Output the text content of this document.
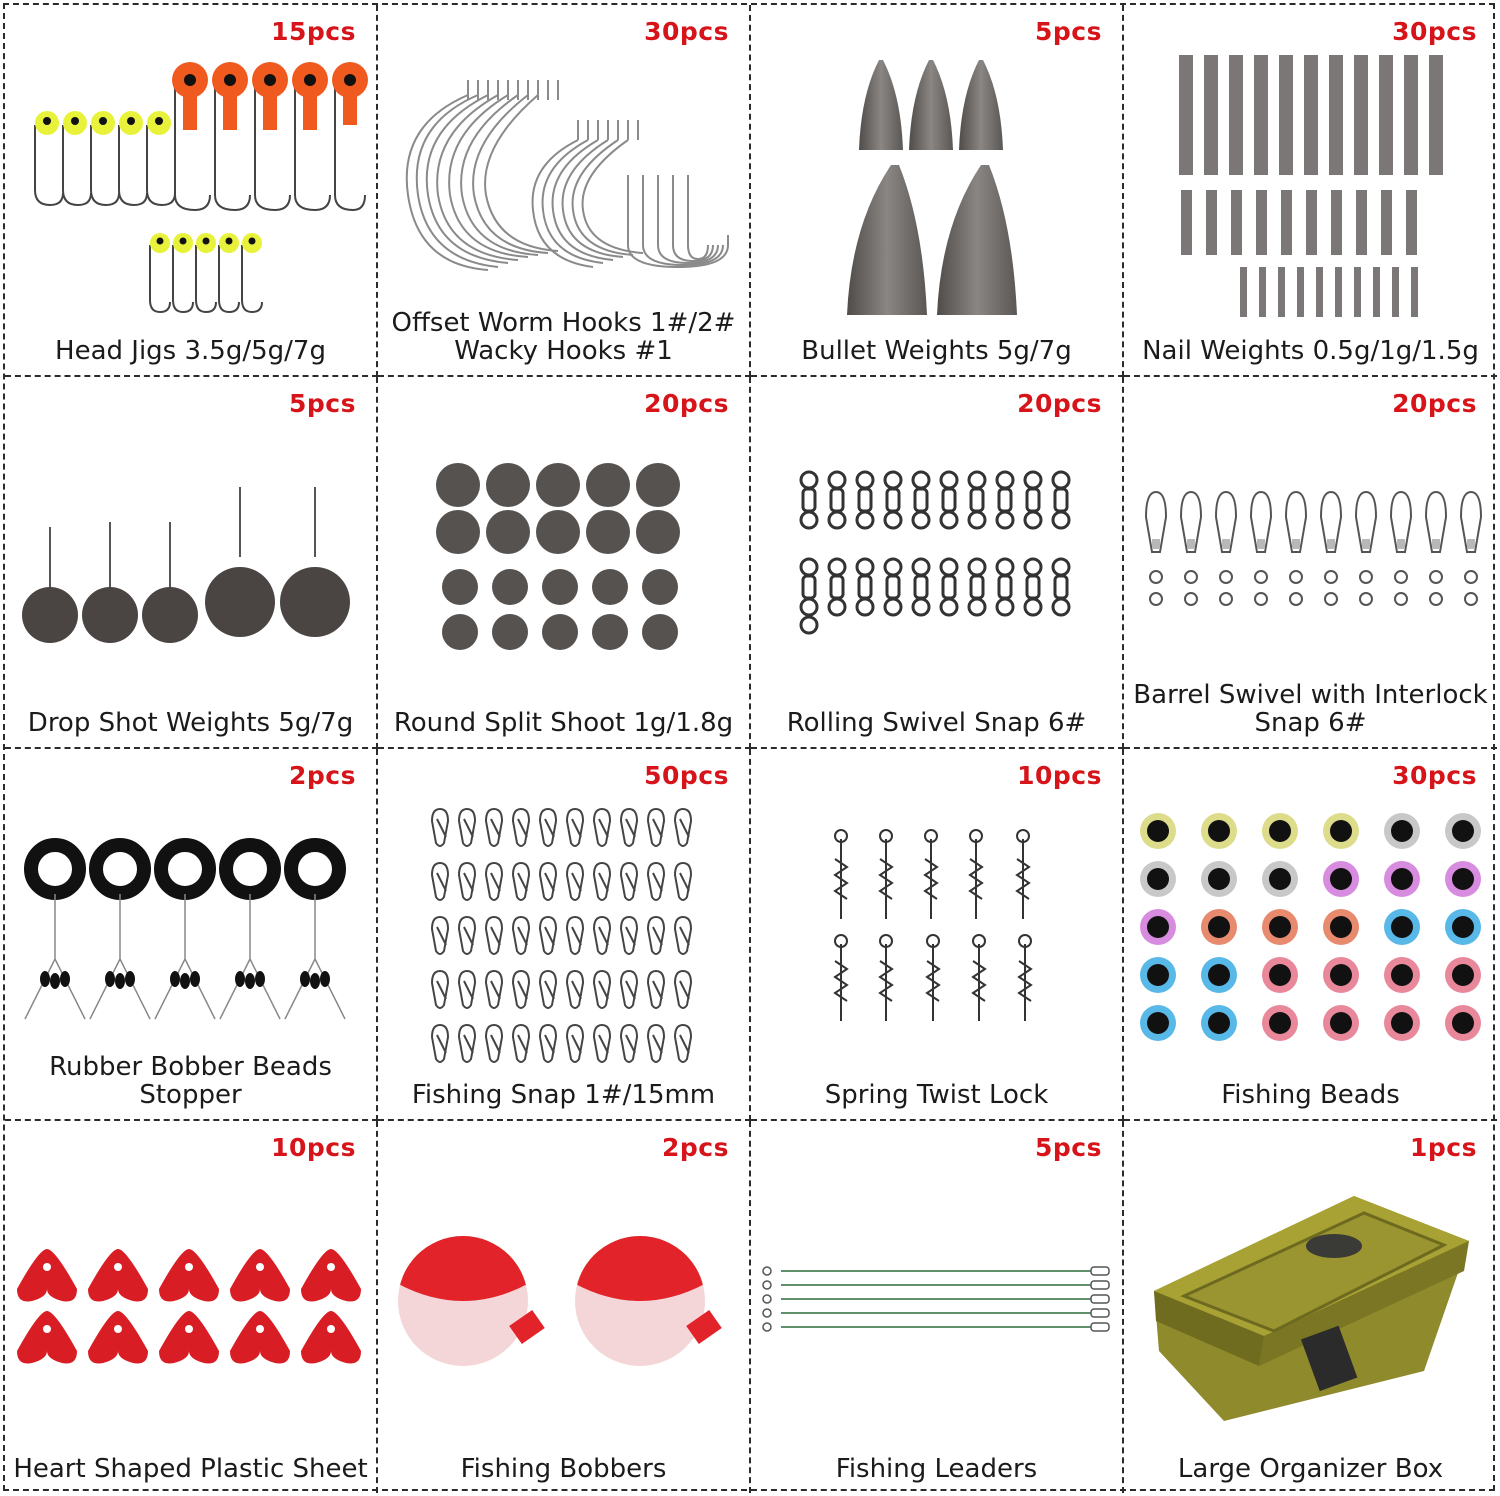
15pcs
Head Jigs 3.5g/5g/7g
30pcs
Offset Worm Hooks 1#/2#
Wacky Hooks #1
5pcs
Bullet Weights 5g/7g
30pcs
Nail Weights 0.5g/1g/1.5g
5pcs
Drop Shot Weights 5g/7g
20pcs
Round Split Shoot 1g/1.8g
20pcs
Rolling Swivel Snap 6#
20pcs
Barrel Swivel with Interlock
Snap 6#
2pcs
Rubber Bobber Beads Stopper
50pcs
Fishing Snap 1#/15mm
10pcs
Spring Twist Lock
30pcs
Fishing Beads
10pcs
Heart Shaped Plastic Sheet
2pcs
Fishing Bobbers
5pcs
Fishing Leaders
1pcs
Large Organizer Box
